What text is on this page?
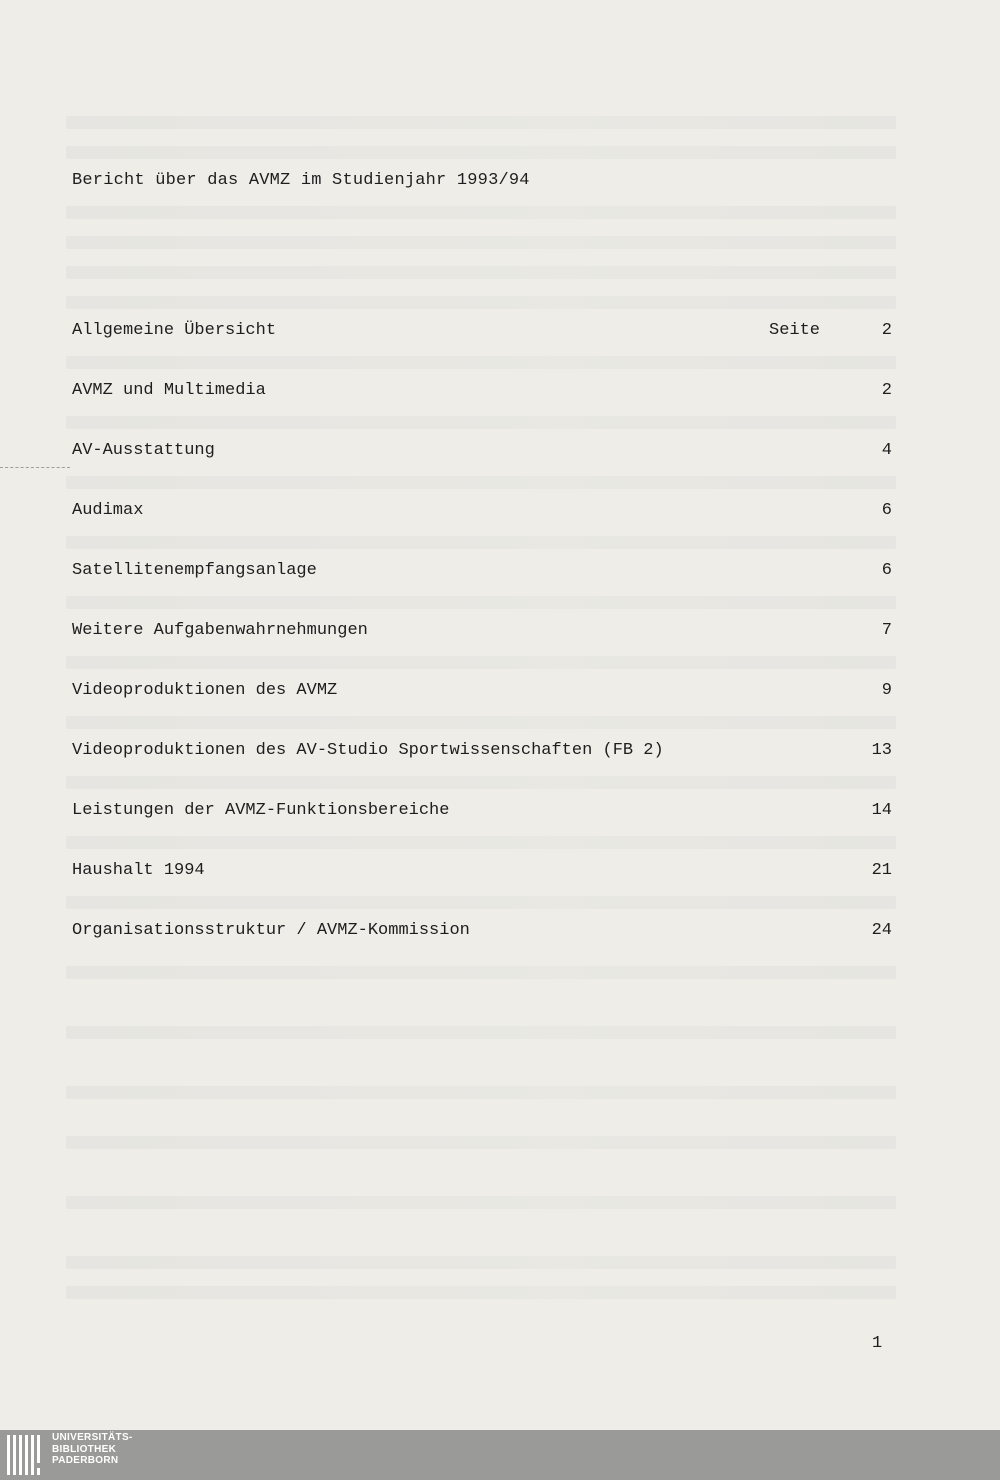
Bericht über das AVMZ im Studienjahr 1993/94
Allgemeine Übersicht	Seite	2
AVMZ und Multimedia	2
AV-Ausstattung	4
Audimax	6
Satellitenempfangsanlage	6
Weitere Aufgabenwahrnehmungen	7
Videoproduktionen des AVMZ	9
Videoproduktionen des AV-Studio Sportwissenschaften (FB 2)	13
Leistungen der AVMZ-Funktionsbereiche	14
Haushalt 1994	21
Organisationsstruktur / AVMZ-Kommission	24
1
UNIVERSITÄTS-
BIBLIOTHEK
PADERBORN
